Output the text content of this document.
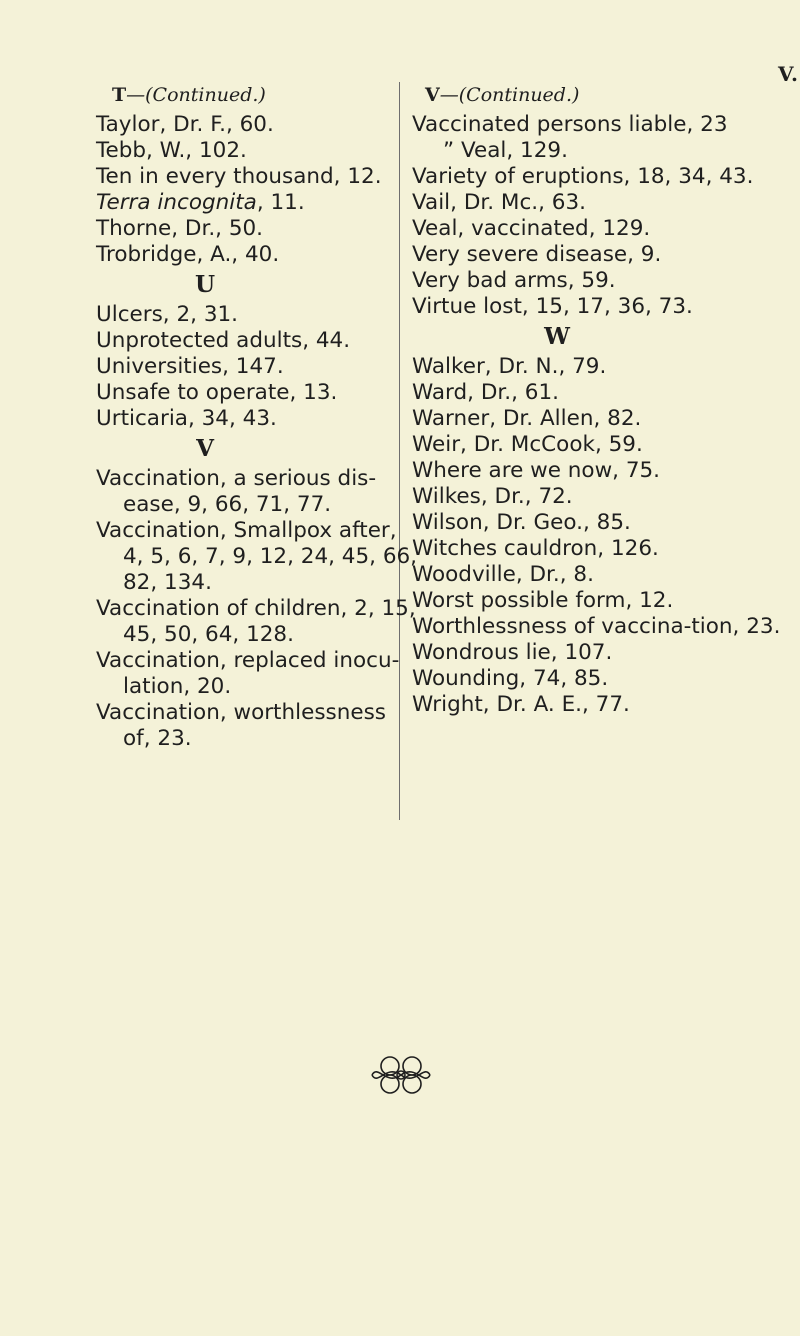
V.
T—(Continued.)
Taylor, Dr. F., 60.
Tebb, W., 102.
Ten in every thousand, 12.
Terra incognita, 11.
Thorne, Dr., 50.
Trobridge, A., 40.
U
Ulcers, 2, 31.
Unprotected adults, 44.
Universities, 147.
Unsafe to operate, 13.
Urticaria, 34, 43.
V
Vaccination, a serious dis-ease, 9, 66, 71, 77.
Vaccination, Smallpox after, 4, 5, 6, 7, 9, 12, 24, 45, 66, 82, 134.
Vaccination of children, 2, 15, 45, 50, 64, 128.
Vaccination, replaced inocu-lation, 20.
Vaccination, worthlessness of, 23.
V—(Continued.)
Vaccinated persons liable, 23
” Veal, 129.
Variety of eruptions, 18, 34, 43.
Vail, Dr. Mc., 63.
Veal, vaccinated, 129.
Very severe disease, 9.
Very bad arms, 59.
Virtue lost, 15, 17, 36, 73.
W
Walker, Dr. N., 79.
Ward, Dr., 61.
Warner, Dr. Allen, 82.
Weir, Dr. McCook, 59.
Where are we now, 75.
Wilkes, Dr., 72.
Wilson, Dr. Geo., 85.
Witches cauldron, 126.
Woodville, Dr., 8.
Worst possible form, 12.
Worthlessness of vaccina-tion, 23.
Wondrous lie, 107.
Wounding, 74, 85.
Wright, Dr. A. E., 77.
